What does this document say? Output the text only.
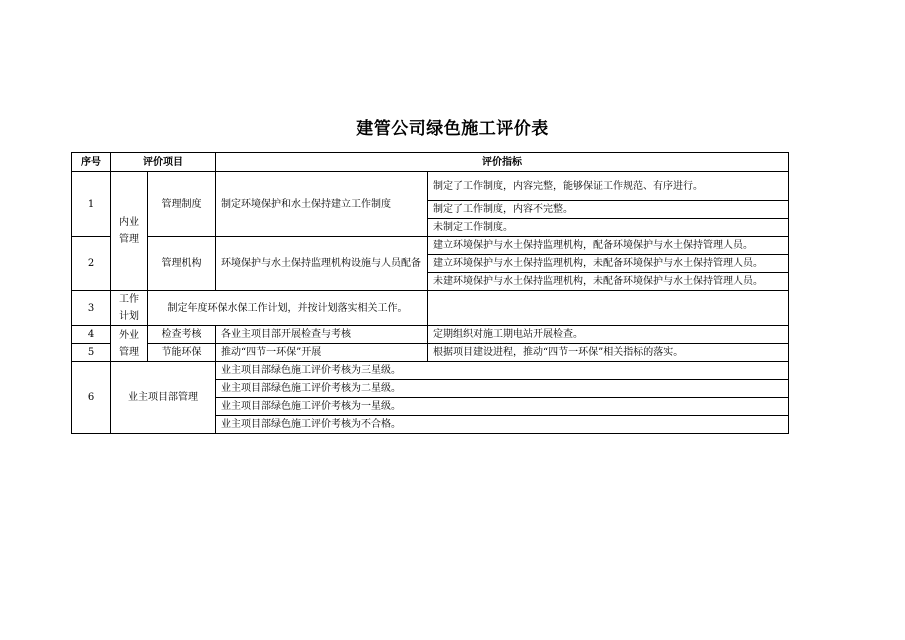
建管公司绿色施工评价表
序号	评价项目		评价指标	
1	内业管理	管理制度	制定环境保护和水土保持建立工作制度	制定了工作制度，内容完整，能够保证工作规范、有序进行。
				制定了工作制度，内容不完整。
				未制定工作制度。
2		管理机构	环境保护与水土保持监理机构设施与人员配备	建立环境保护与水土保持监理机构，配备环境保护与水土保持管理人员。
				建立环境保护与水土保持监理机构，未配备环境保护与水土保持管理人员。
				未建环境保护与水土保持监理机构，未配备环境保护与水土保持管理人员。
3	工作计划	制定年度环保水保工作计划，并按计划落实相关工作。		
4	外业管理	检查考核	各业主项目部开展检查与考核	定期组织对施工期电站开展检查。
5		节能环保	推动“四节一环保”开展	根据项目建设进程，推动“四节一环保”相关指标的落实。
6	业主项目部管理		业主项目部绿色施工评价考核为三星级。	
			业主项目部绿色施工评价考核为二星级。	
			业主项目部绿色施工评价考核为一星级。	
			业主项目部绿色施工评价考核为不合格。	
